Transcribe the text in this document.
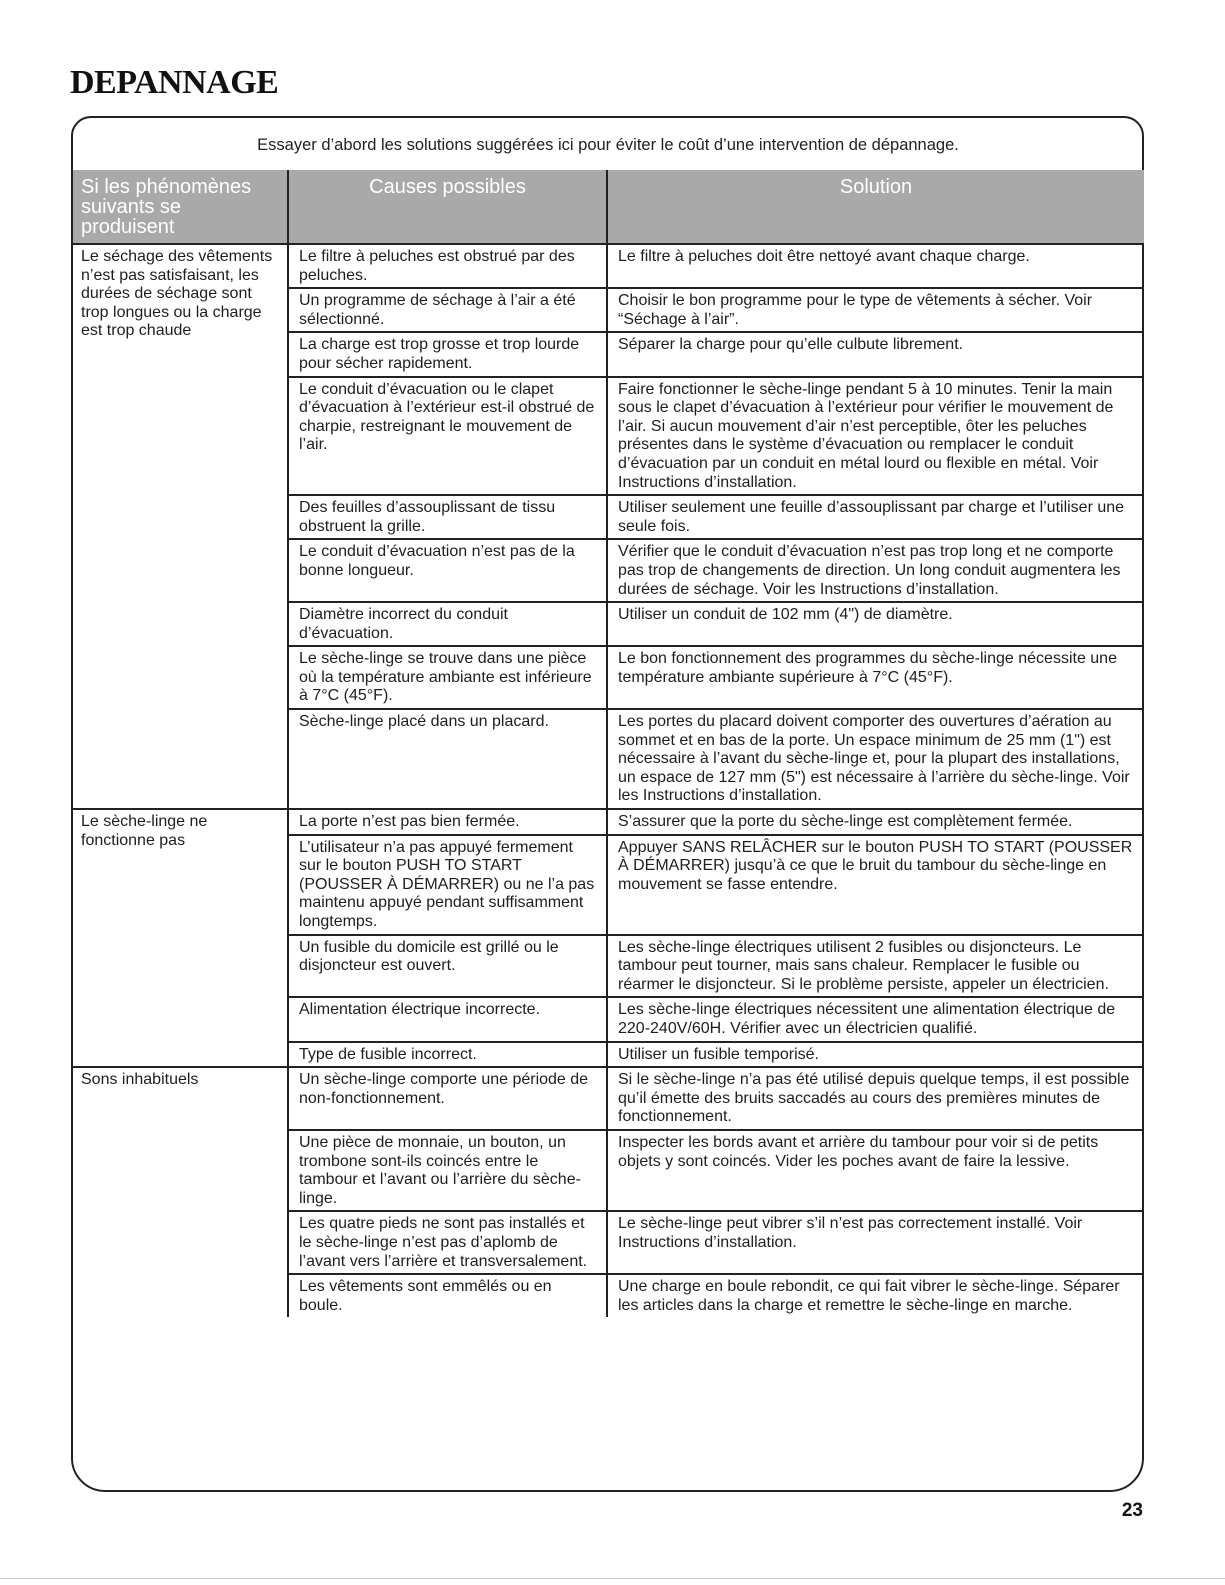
DEPANNAGE

Essayer d’abord les solutions suggérées ici pour éviter le coût d’une intervention de dépannage.

Si les phénomènes suivants se produisent	Causes possibles	Solution
Le séchage des vêtements n’est pas satisfaisant, les durées de séchage sont trop longues ou la charge est trop chaude	Le filtre à peluches est obstrué par des peluches.	Le filtre à peluches doit être nettoyé avant chaque charge.
	Un programme de séchage à l’air a été sélectionné.	Choisir le bon programme pour le type de vêtements à sécher. Voir “Séchage à l’air”.
	La charge est trop grosse et trop lourde pour sécher rapidement.	Séparer la charge pour qu’elle culbute librement.
	Le conduit d’évacuation ou le clapet d’évacuation à l’extérieur est-il obstrué de charpie, restreignant le mouvement de l’air.	Faire fonctionner le sèche-linge pendant 5 à 10 minutes. Tenir la main sous le clapet d’évacuation à l’extérieur pour vérifier le mouvement de l’air. Si aucun mouvement d’air n’est perceptible, ôter les peluches présentes dans le système d’évacuation ou remplacer le conduit d’évacuation par un conduit en métal lourd ou flexible en métal. Voir Instructions d’installation.
	Des feuilles d’assouplissant de tissu obstruent la grille.	Utiliser seulement une feuille d’assouplissant par charge et l’utiliser une seule fois.
	Le conduit d’évacuation n’est pas de la bonne longueur.	Vérifier que le conduit d’évacuation n’est pas trop long et ne comporte pas trop de changements de direction. Un long conduit augmentera les durées de séchage. Voir les Instructions d’installation.
	Diamètre incorrect du conduit d’évacuation.	Utiliser un conduit de 102 mm (4") de diamètre.
	Le sèche-linge se trouve dans une pièce où la température ambiante est inférieure à 7°C (45°F).	Le bon fonctionnement des programmes du sèche-linge nécessite une température ambiante supérieure à 7°C (45°F).
	Sèche-linge placé dans un placard.	Les portes du placard doivent comporter des ouvertures d’aération au sommet et en bas de la porte. Un espace minimum de 25 mm (1") est nécessaire à l’avant du sèche-linge et, pour la plupart des installations, un espace de 127 mm (5") est nécessaire à l’arrière du sèche-linge. Voir les Instructions d’installation.
Le sèche-linge ne fonctionne pas	La porte n’est pas bien fermée.	S’assurer que la porte du sèche-linge est complètement fermée.
	L’utilisateur n’a pas appuyé fermement sur le bouton PUSH TO START (POUSSER À DÉMARRER) ou ne l’a pas maintenu appuyé pendant suffisamment longtemps.	Appuyer SANS RELÂCHER sur le bouton PUSH TO START (POUSSER À DÉMARRER) jusqu’à ce que le bruit du tambour du sèche-linge en mouvement se fasse entendre.
	Un fusible du domicile est grillé ou le disjoncteur est ouvert.	Les sèche-linge électriques utilisent 2 fusibles ou disjoncteurs. Le tambour peut tourner, mais sans chaleur. Remplacer le fusible ou réarmer le disjoncteur. Si le problème persiste, appeler un électricien.
	Alimentation électrique incorrecte.	Les sèche-linge électriques nécessitent une alimentation électrique de 220-240V/60H. Vérifier avec un électricien qualifié.
	Type de fusible incorrect.	Utiliser un fusible temporisé.
Sons inhabituels	Un sèche-linge comporte une période de non-fonctionnement.	Si le sèche-linge n’a pas été utilisé depuis quelque temps, il est possible qu’il émette des bruits saccadés au cours des premières minutes de fonctionnement.
	Une pièce de monnaie, un bouton, un trombone sont-ils coincés entre le tambour et l’avant ou l’arrière du sèche-linge.	Inspecter les bords avant et arrière du tambour pour voir si de petits objets y sont coincés. Vider les poches avant de faire la lessive.
	Les quatre pieds ne sont pas installés et le sèche-linge n’est pas d’aplomb de l’avant vers l’arrière et transversalement.	Le sèche-linge peut vibrer s’il n’est pas correctement installé. Voir Instructions d’installation.
	Les vêtements sont emmêlés ou en boule.	Une charge en boule rebondit, ce qui fait vibrer le sèche-linge. Séparer les articles dans la charge et remettre le sèche-linge en marche.

23
